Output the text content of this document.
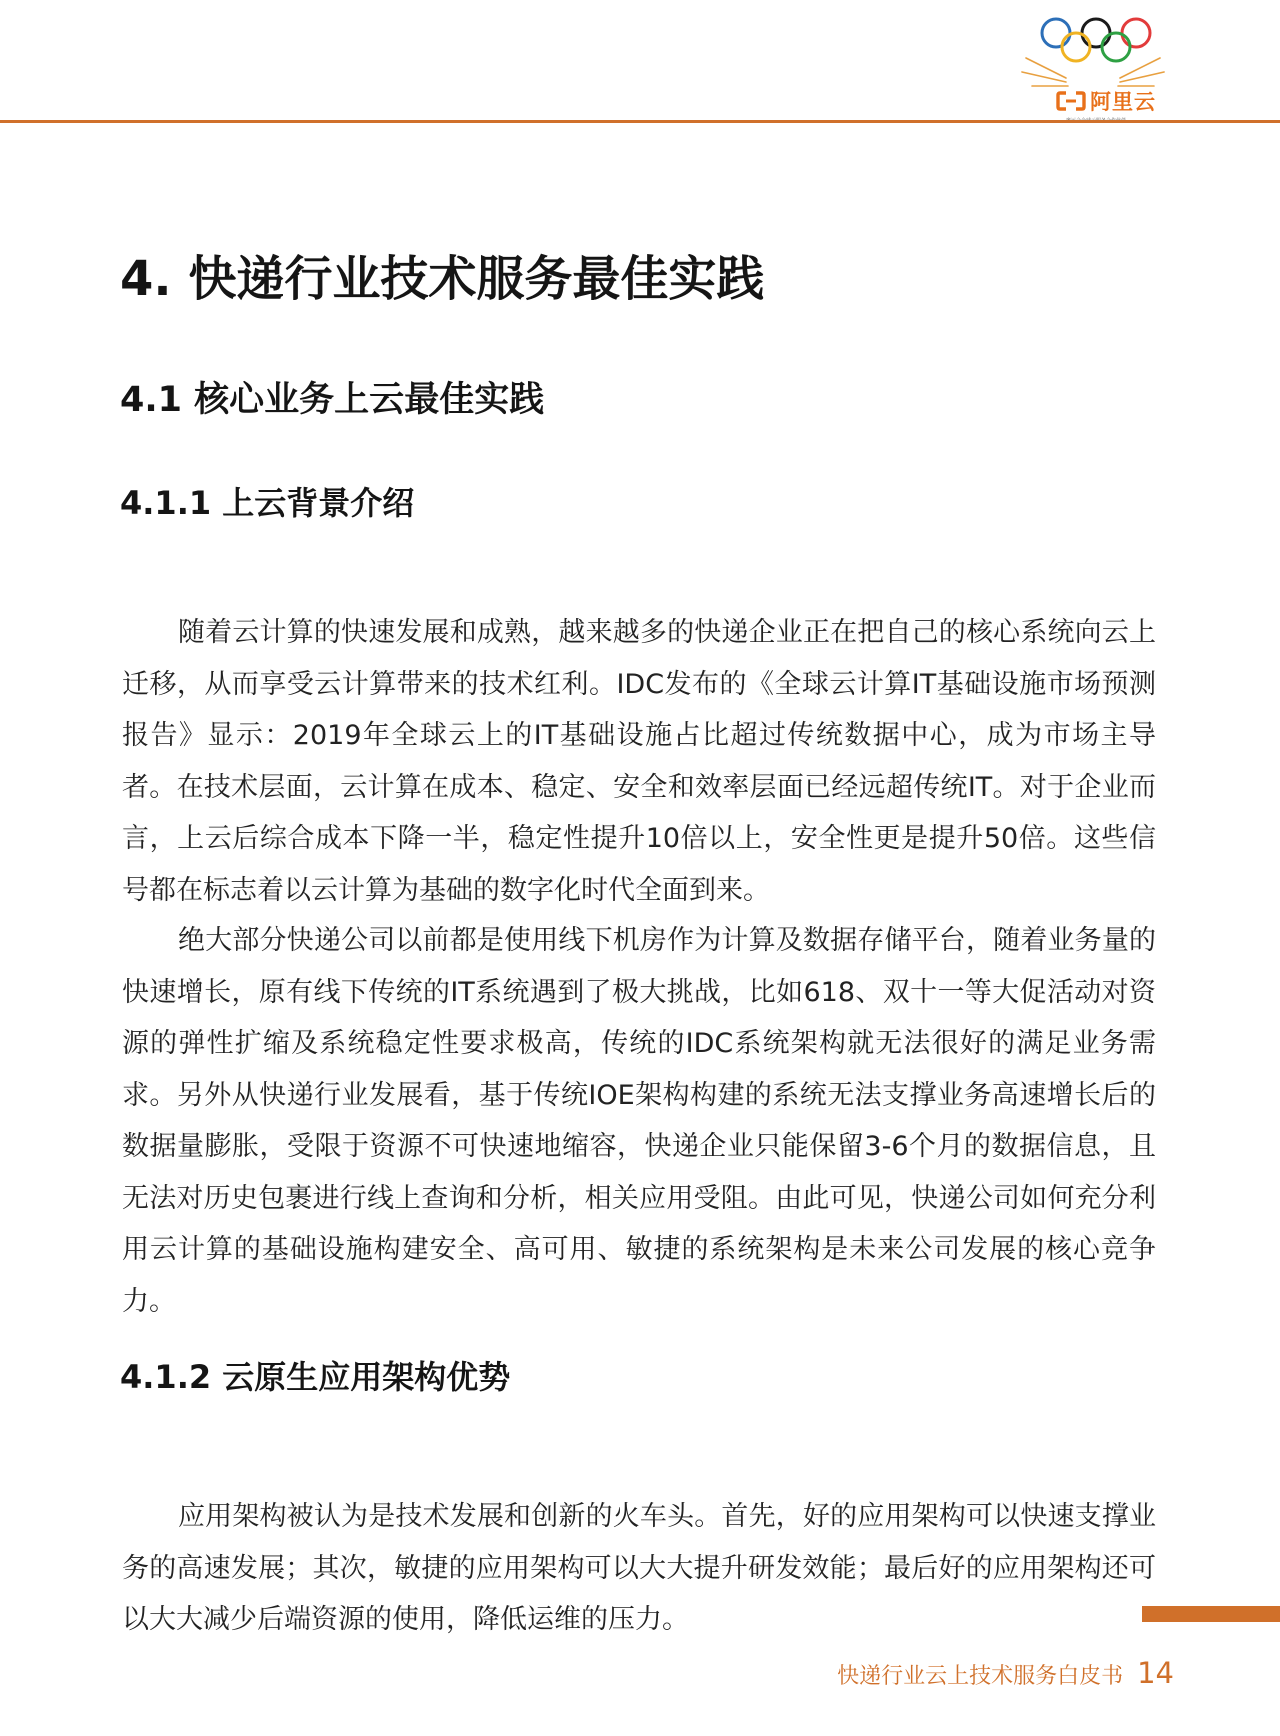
阿里云
4. 快递行业技术服务最佳实践
4.1 核心业务上云最佳实践
4.1.1 上云背景介绍

随着云计算的快速发展和成熟，越来越多的快递企业正在把自己的核心系统向云上迁移，从而享受云计算带来的技术红利。IDC发布的《全球云计算IT基础设施市场预测报告》显示：2019年全球云上的IT基础设施占比超过传统数据中心，成为市场主导者。在技术层面，云计算在成本、稳定、安全和效率层面已经远超传统IT。对于企业而言，上云后综合成本下降一半，稳定性提升10倍以上，安全性更是提升50倍。这些信号都在标志着以云计算为基础的数字化时代全面到来。

绝大部分快递公司以前都是使用线下机房作为计算及数据存储平台，随着业务量的快速增长，原有线下传统的IT系统遇到了极大挑战，比如618、双十一等大促活动对资源的弹性扩缩及系统稳定性要求极高，传统的IDC系统架构就无法很好的满足业务需求。另外从快递行业发展看，基于传统IOE架构构建的系统无法支撑业务高速增长后的数据量膨胀，受限于资源不可快速地缩容，快递企业只能保留3-6个月的数据信息，且无法对历史包裹进行线上查询和分析，相关应用受阻。由此可见，快递公司如何充分利用云计算的基础设施构建安全、高可用、敏捷的系统架构是未来公司发展的核心竞争力。

4.1.2 云原生应用架构优势

应用架构被认为是技术发展和创新的火车头。首先，好的应用架构可以快速支撑业务的高速发展；其次，敏捷的应用架构可以大大提升研发效能；最后好的应用架构还可以大大减少后端资源的使用，降低运维的压力。

快递行业云上技术服务白皮书 14
